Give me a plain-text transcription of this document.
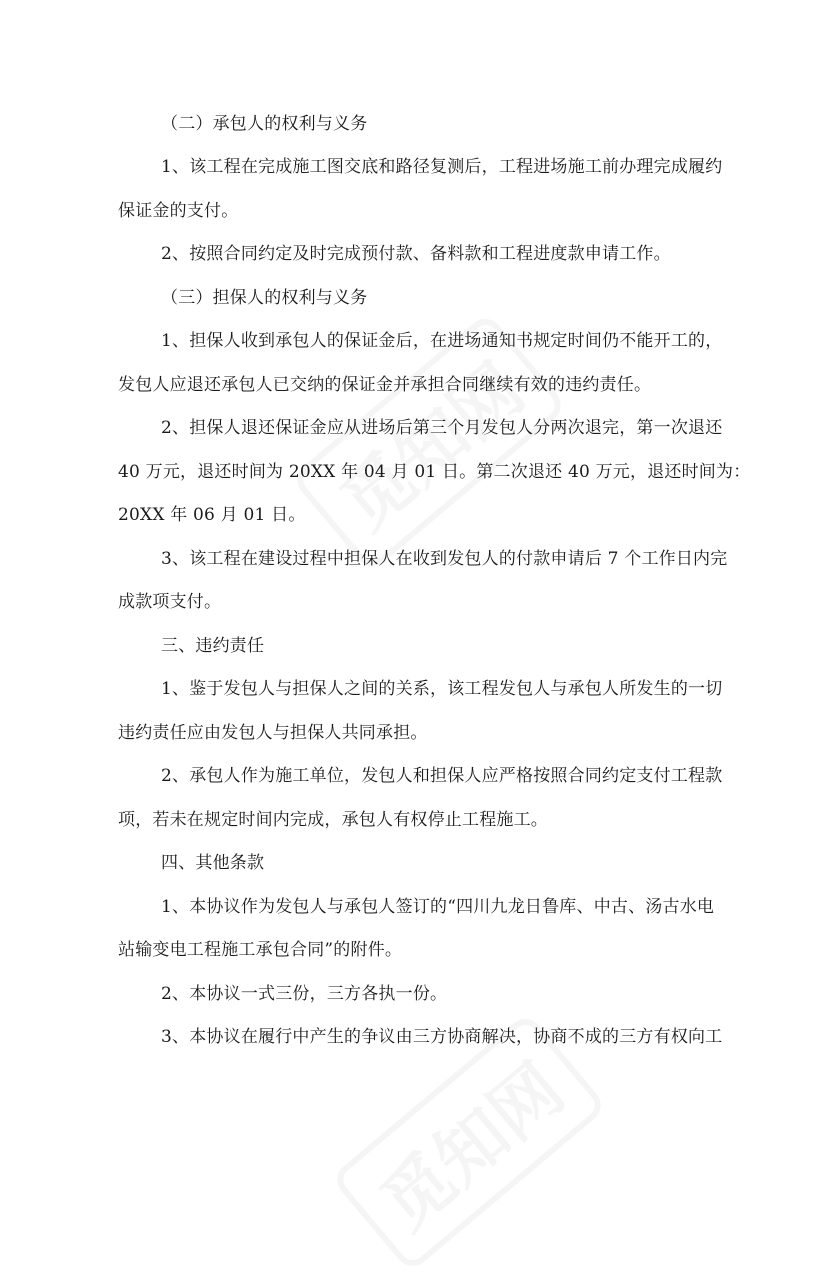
（二）承包人的权利与义务
1、该工程在完成施工图交底和路径复测后，工程进场施工前办理完成履约
保证金的支付。
2、按照合同约定及时完成预付款、备料款和工程进度款申请工作。
（三）担保人的权利与义务
1、担保人收到承包人的保证金后，在进场通知书规定时间仍不能开工的，
发包人应退还承包人已交纳的保证金并承担合同继续有效的违约责任。
2、担保人退还保证金应从进场后第三个月发包人分两次退完，第一次退还
40 万元，退还时间为 20XX 年 04 月 01 日。第二次退还 40 万元，退还时间为：
20XX 年 06 月 01 日。
3、该工程在建设过程中担保人在收到发包人的付款申请后 7 个工作日内完
成款项支付。
三、违约责任
1、鉴于发包人与担保人之间的关系，该工程发包人与承包人所发生的一切
违约责任应由发包人与担保人共同承担。
2、承包人作为施工单位，发包人和担保人应严格按照合同约定支付工程款
项，若未在规定时间内完成，承包人有权停止工程施工。
四、其他条款
1、本协议作为发包人与承包人签订的“四川九龙日鲁库、中古、汤古水电
站输变电工程施工承包合同”的附件。
2、本协议一式三份，三方各执一份。
3、本协议在履行中产生的争议由三方协商解决，协商不成的三方有权向工
